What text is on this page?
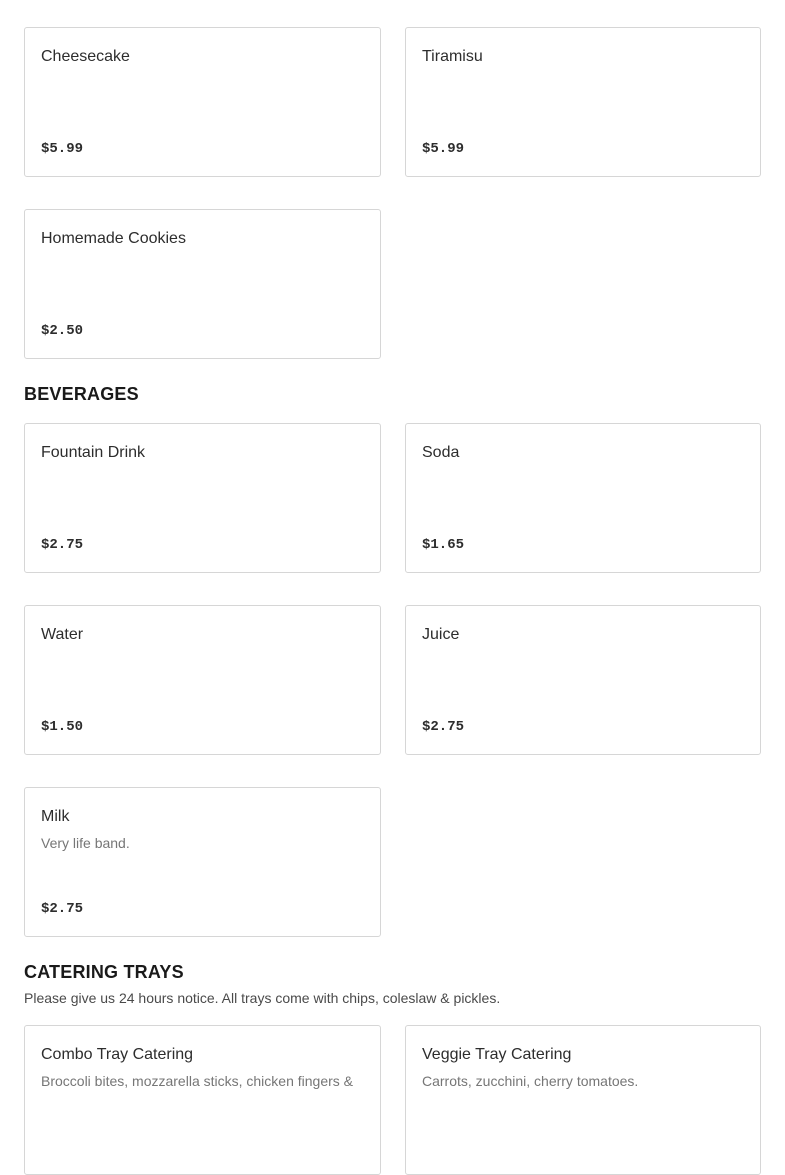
Cheesecake
$5.99
Tiramisu
$5.99
Homemade Cookies
$2.50
BEVERAGES
Fountain Drink
$2.75
Soda
$1.65
Water
$1.50
Juice
$2.75
Milk
Very life band.
$2.75
CATERING TRAYS

Please give us 24 hours notice. All trays come with chips, coleslaw & pickles.

Combo Tray Catering
Broccoli bites, mozzarella sticks, chicken fingers &
Veggie Tray Catering
Carrots, zucchini, cherry tomatoes.
